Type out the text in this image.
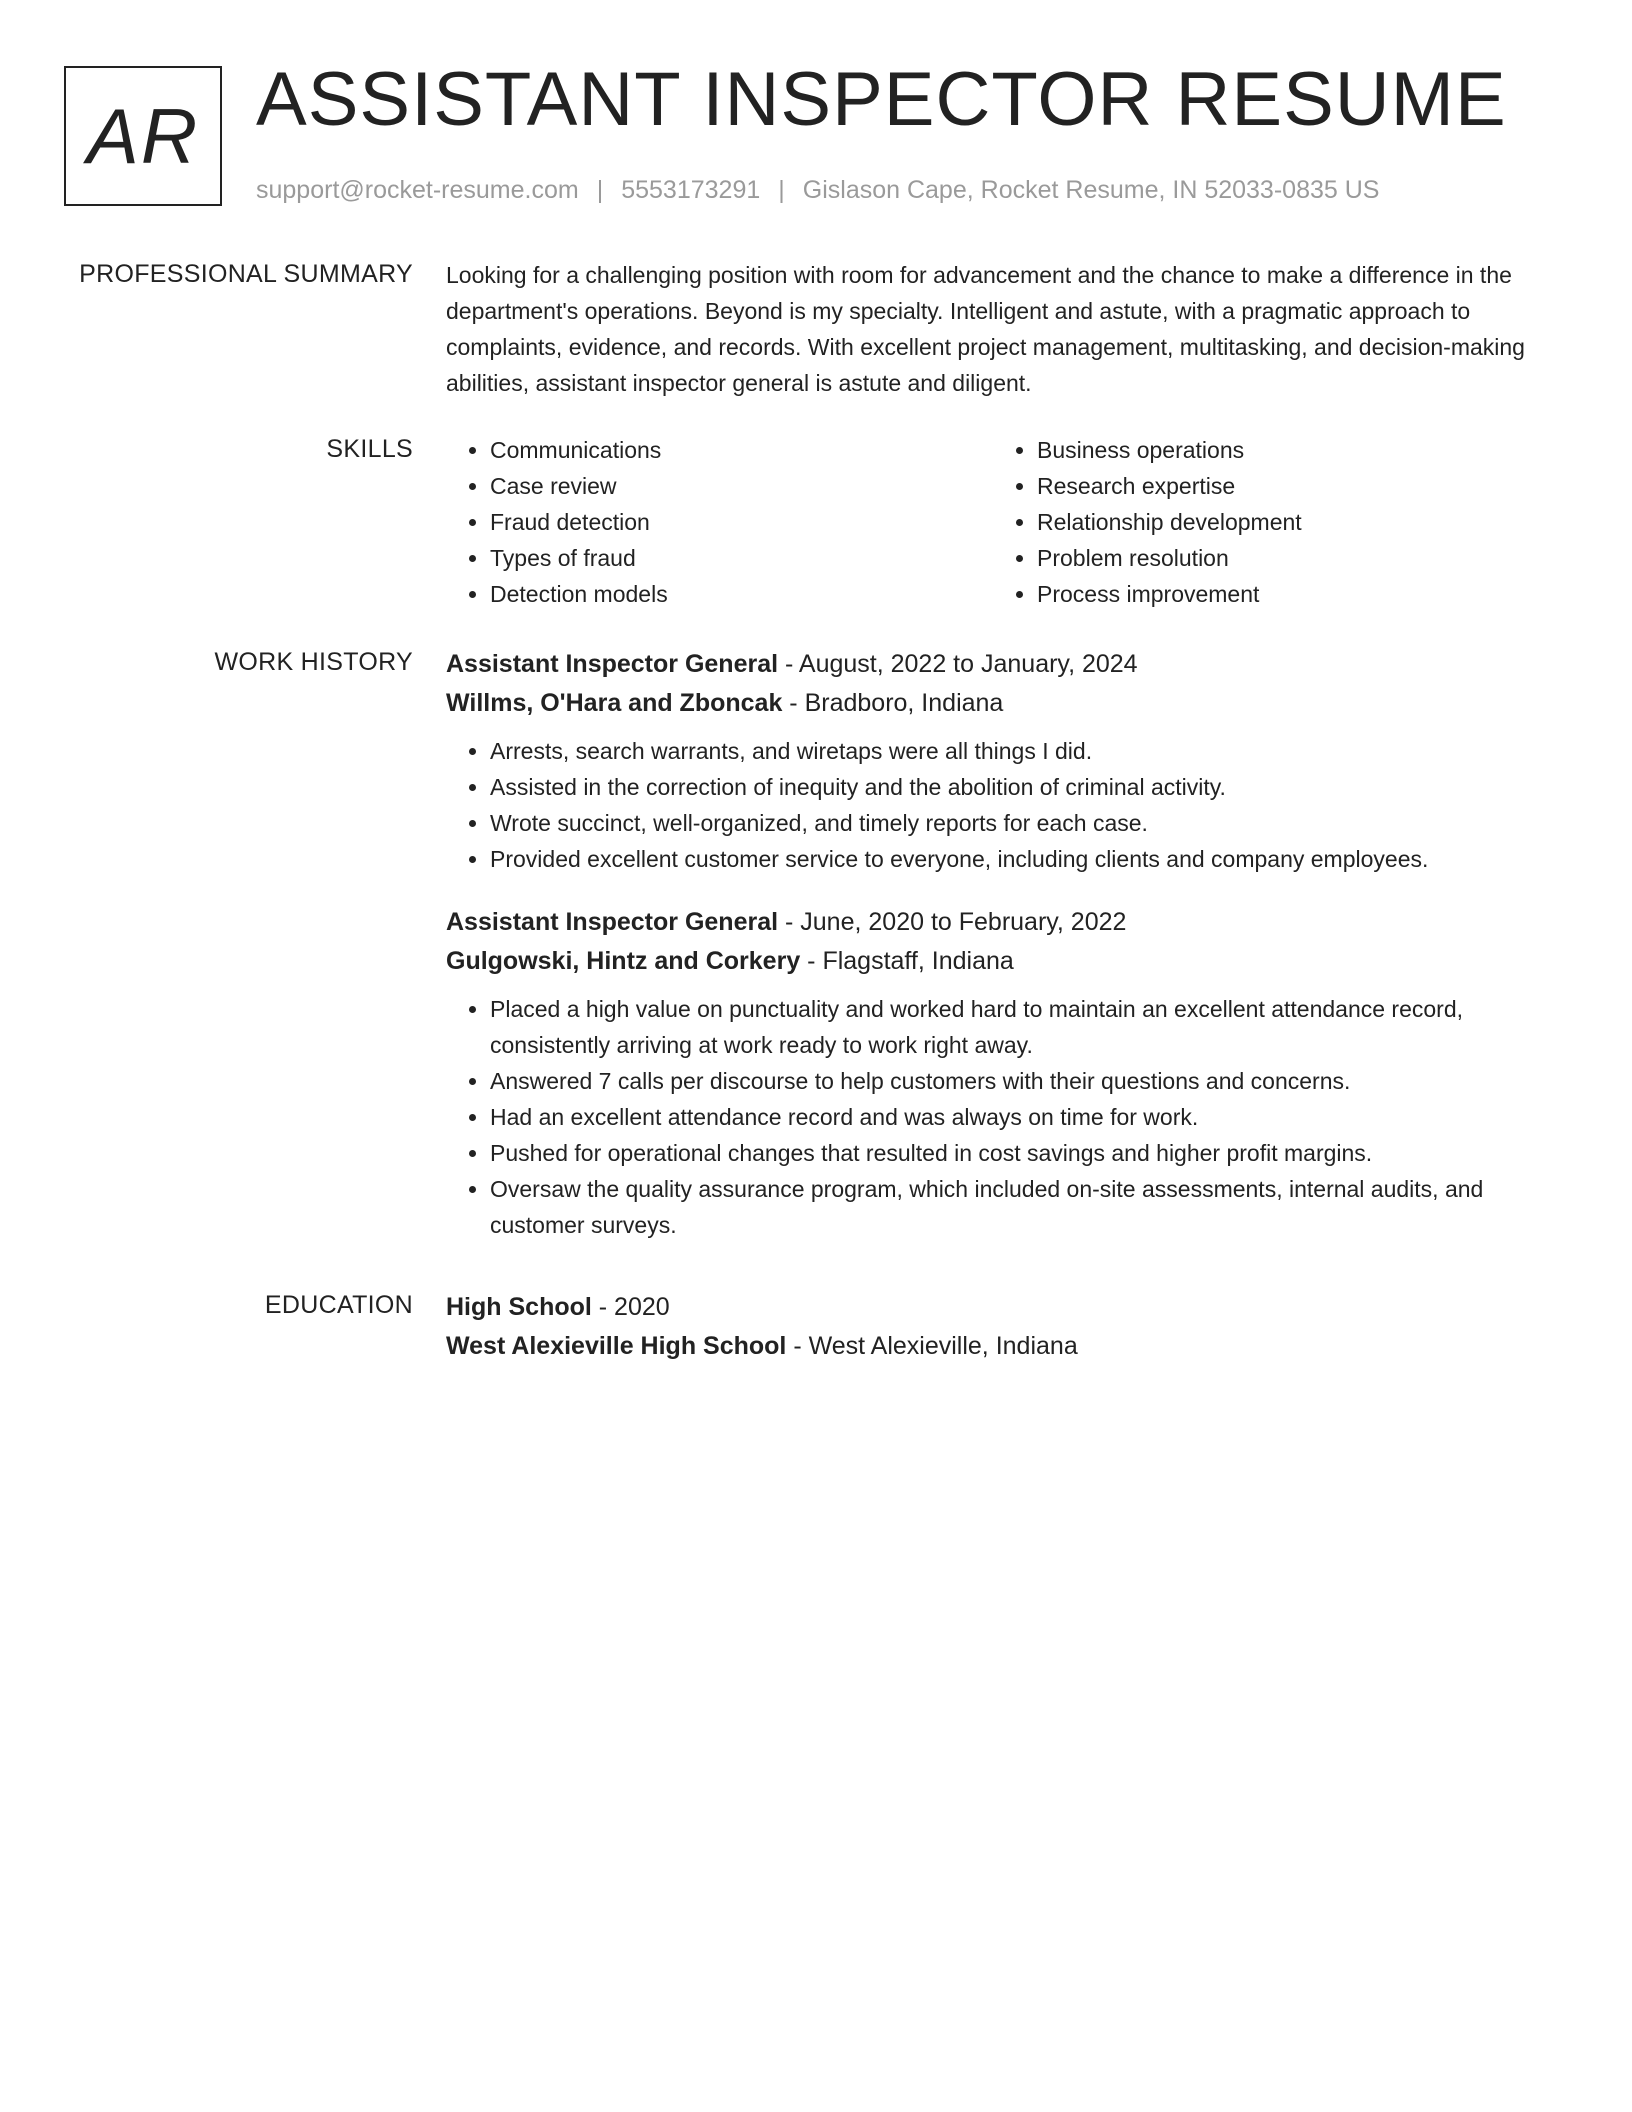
AR ASSISTANT INSPECTOR RESUME
support@rocket-resume.com | 5553173291 | Gislason Cape, Rocket Resume, IN 52033-0835 US
PROFESSIONAL SUMMARY Looking for a challenging position with room for advancement and the chance to make a difference in the department's operations. Beyond is my specialty. Intelligent and astute, with a pragmatic approach to complaints, evidence, and records. With excellent project management, multitasking, and decision-making abilities, assistant inspector general is astute and diligent.

SKILLS
•	Communications
• Case review
• Fraud detection
• Types of fraud
• Detection models
• Business operations
• Research expertise
• Relationship development
• Problem resolution
• Process improvement
WORK HISTORY Assistant Inspector General - August, 2022 to January, 2024
Willms, O'Hara and Zboncak - Bradboro, Indiana
• Arrests, search warrants, and wiretaps were all things I did.
• Assisted in the correction of inequity and the abolition of criminal activity.
• Wrote succinct, well-organized, and timely reports for each case.
• Provided excellent customer service to everyone, including clients and company employees.
Assistant Inspector General - June, 2020 to February, 2022
Gulgowski, Hintz and Corkery - Flagstaff, Indiana
• Placed a high value on punctuality and worked hard to maintain an excellent attendance record, consistently arriving at work ready to work right away.
• Answered 7 calls per discourse to help customers with their questions and concerns.
• Had an excellent attendance record and was always on time for work.
• Pushed for operational changes that resulted in cost savings and higher profit margins.
• Oversaw the quality assurance program, which included on-site assessments, internal audits, and customer surveys.
EDUCATION High School - 2020
West Alexieville High School - West Alexieville, Indiana
